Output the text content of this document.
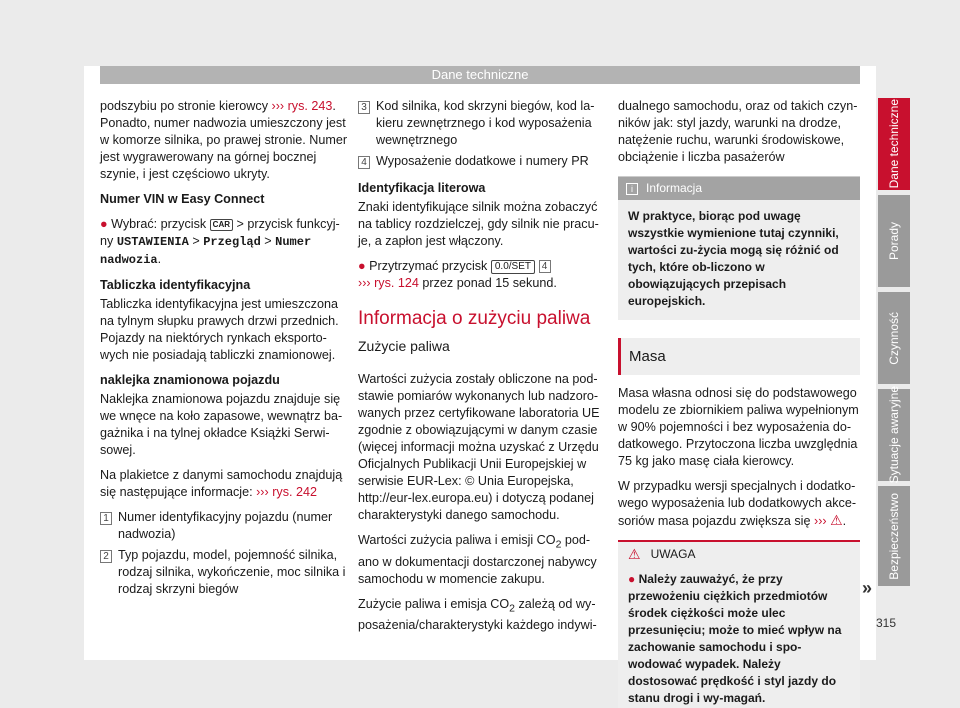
Dane techniczne

podszybiu po stronie kierowcy ››› rys. 243. Ponadto, numer nadwozia umieszczony jest w komorze silnika, po prawej stronie. Numer jest wygrawerowany na górnej bocznej szynie, i jest częściowo ukryty.

Numer VIN w Easy Connect

● Wybrać: przycisk CAR > przycisk funkcyj-ny USTAWIENIA > Przegląd > Numer nadwozia.

Tabliczka identyfikacyjna

Tabliczka identyfikacyjna jest umieszczona na tylnym słupku prawych drzwi przednich. Pojazdy na niektórych rynkach eksporto-wych nie posiadają tabliczki znamionowej.

naklejka znamionowa pojazdu

Naklejka znamionowa pojazdu znajduje się we wnęce na koło zapasowe, wewnątrz ba-gażnika i na tylnej okładce Książki Serwi-sowej.

Na plakietce z danymi samochodu znajdują się następujące informacje: ››› rys. 242

1 Numer identyfikacyjny pojazdu (numer nadwozia)
2 Typ pojazdu, model, pojemność silnika, rodzaj silnika, wykończenie, moc silnika i rodzaj skrzyni biegów
3 Kod silnika, kod skrzyni biegów, kod la-kieru zewnętrznego i kod wyposażenia wewnętrznego
4 Wyposażenie dodatkowe i numery PR

Identyfikacja literowa

Znaki identyfikujące silnik można zobaczyć na tablicy rozdzielczej, gdy silnik nie pracu-je, a zapłon jest włączony.

● Przytrzymać przycisk 0.0/SET 4
››› rys. 124 przez ponad 15 sekund.

Informacja o zużyciu paliwa
Zużycie paliwa

Wartości zużycia zostały obliczone na pod-stawie pomiarów wykonanych lub nadzoro-wanych przez certyfikowane laboratoria UE zgodnie z obowiązującymi w danym czasie (więcej informacji można uzyskać z Urzędu Oficjalnych Publikacji Unii Europejskiej w serwisie EUR-Lex: © Unia Europejska, http://eur-lex.europa.eu) i dotyczą podanej charakterystyki danego samochodu.

Wartości zużycia paliwa i emisji $CO_2$ pod-ano w dokumentacji dostarczonej nabywcy samochodu w momencie zakupu.

Zużycie paliwa i emisja $CO_2$ zależą od wy-posażenia/charakterystyki każdego indywi-

dualnego samochodu, oraz od takich czyn-ników jak: styl jazdy, warunki na drodze, natężenie ruchu, warunki środowiskowe, obciążenie i liczba pasażerów

i	Informacja
W praktyce, biorąc pod uwagę wszystkie wymienione tutaj czynniki, wartości zu-życia mogą się różnić od tych, które ob-liczono w obowiązujących przepisach europejskich.
Masa

Masa własna odnosi się do podstawowego modelu ze zbiornikiem paliwa wypełnionym w 90% pojemności i bez wyposażenia do-datkowego. Przytoczona liczba uwzględnia 75 kg jako masę ciała kierowcy.

W przypadku wersji specjalnych i dodatko-wego wyposażenia lub dodatkowych akce-soriów masa pojazdu zwiększa się ››› ⚠.

⚠ UWAGA
● Należy zauważyć, że przy przewożeniu ciężkich przedmiotów środek ciężkości może ulec przesunięciu; może to mieć wpływ na zachowanie samochodu i spo-wodować wypadek. Należy dostosować prędkość i styl jazdy do stanu drogi i wy-magań.
»
Dane techniczne
Porady
Czynność
Sytuacje awaryjne
Bezpieczeństwo
315
